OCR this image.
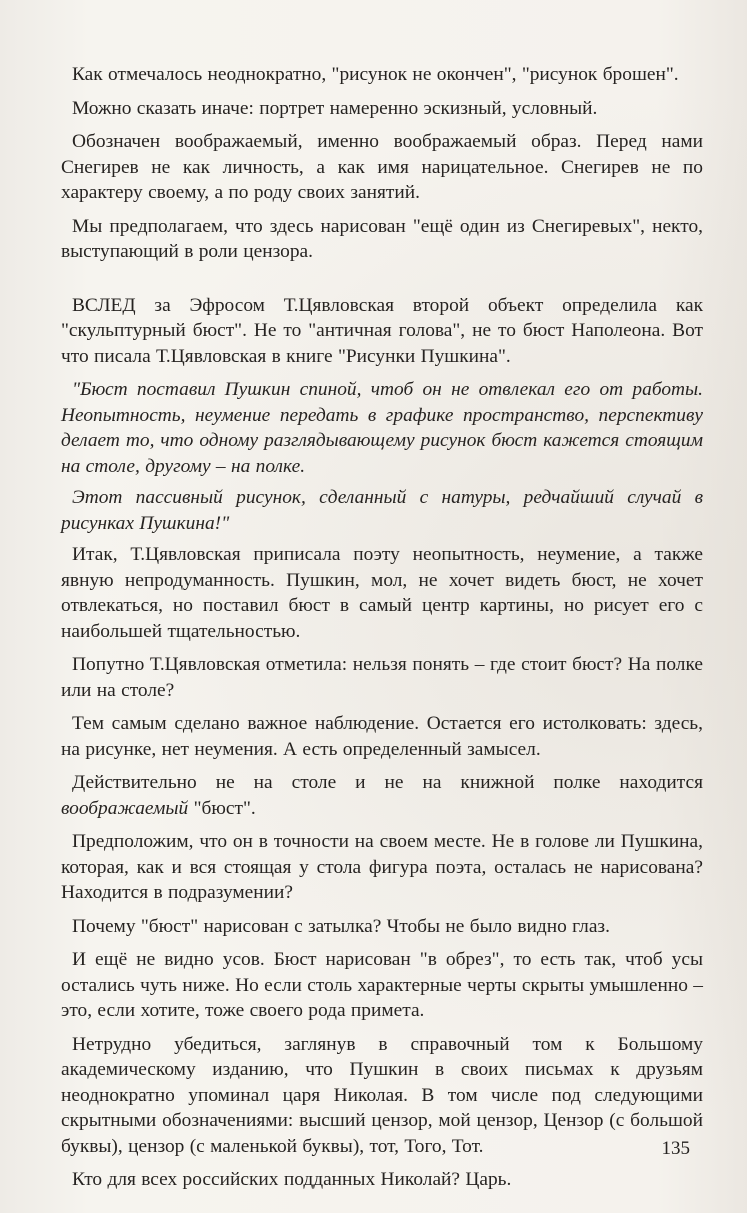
Как отмечалось неоднократно, "рисунок не окончен", "рисунок брошен".

Можно сказать иначе: портрет намеренно эскизный, условный.

Обозначен воображаемый, именно воображаемый образ. Перед нами Снегирев не как личность, а как имя нарицательное. Снегирев не по характеру своему, а по роду своих занятий.

Мы предполагаем, что здесь нарисован "ещё один из Снегиревых", некто, выступающий в роли цензора.

ВСЛЕД за Эфросом Т.Цявловская второй объект определила как "скульптурный бюст". Не то "античная голова", не то бюст Наполеона. Вот что писала Т.Цявловская в книге "Рисунки Пушкина".

"Бюст поставил Пушкин спиной, чтоб он не отвлекал его от работы. Неопытность, неумение передать в графике пространство, перспективу делает то, что одному разглядывающему рисунок бюст кажется стоящим на столе, другому – на полке.

Этот пассивный рисунок, сделанный с натуры, редчайший случай в рисунках Пушкина!"

Итак, Т.Цявловская приписала поэту неопытность, неумение, а также явную непродуманность. Пушкин, мол, не хочет видеть бюст, не хочет отвлекаться, но поставил бюст в самый центр картины, но рисует его с наибольшей тщательностью.

Попутно Т.Цявловская отметила: нельзя понять – где стоит бюст? На полке или на столе?

Тем самым сделано важное наблюдение. Остается его истолковать: здесь, на рисунке, нет неумения. А есть определенный замысел.

Действительно не на столе и не на книжной полке находится воображаемый "бюст".

Предположим, что он в точности на своем месте. Не в голове ли Пушкина, которая, как и вся стоящая у стола фигура поэта, осталась не нарисована? Находится в подразумении?

Почему "бюст" нарисован с затылка? Чтобы не было видно глаз.

И ещё не видно усов. Бюст нарисован "в обрез", то есть так, чтоб усы остались чуть ниже. Но если столь характерные черты скрыты умышленно – это, если хотите, тоже своего рода примета.

Нетрудно убедиться, заглянув в справочный том к Большому академическому изданию, что Пушкин в своих письмах к друзьям неоднократно упоминал царя Николая. В том числе под следующими скрытными обозначениями: высший цензор, мой цензор, Цензор (с большой буквы), цензор (с маленькой буквы), тот, Того, Тот.

Кто для всех российских подданных Николай? Царь.

135
